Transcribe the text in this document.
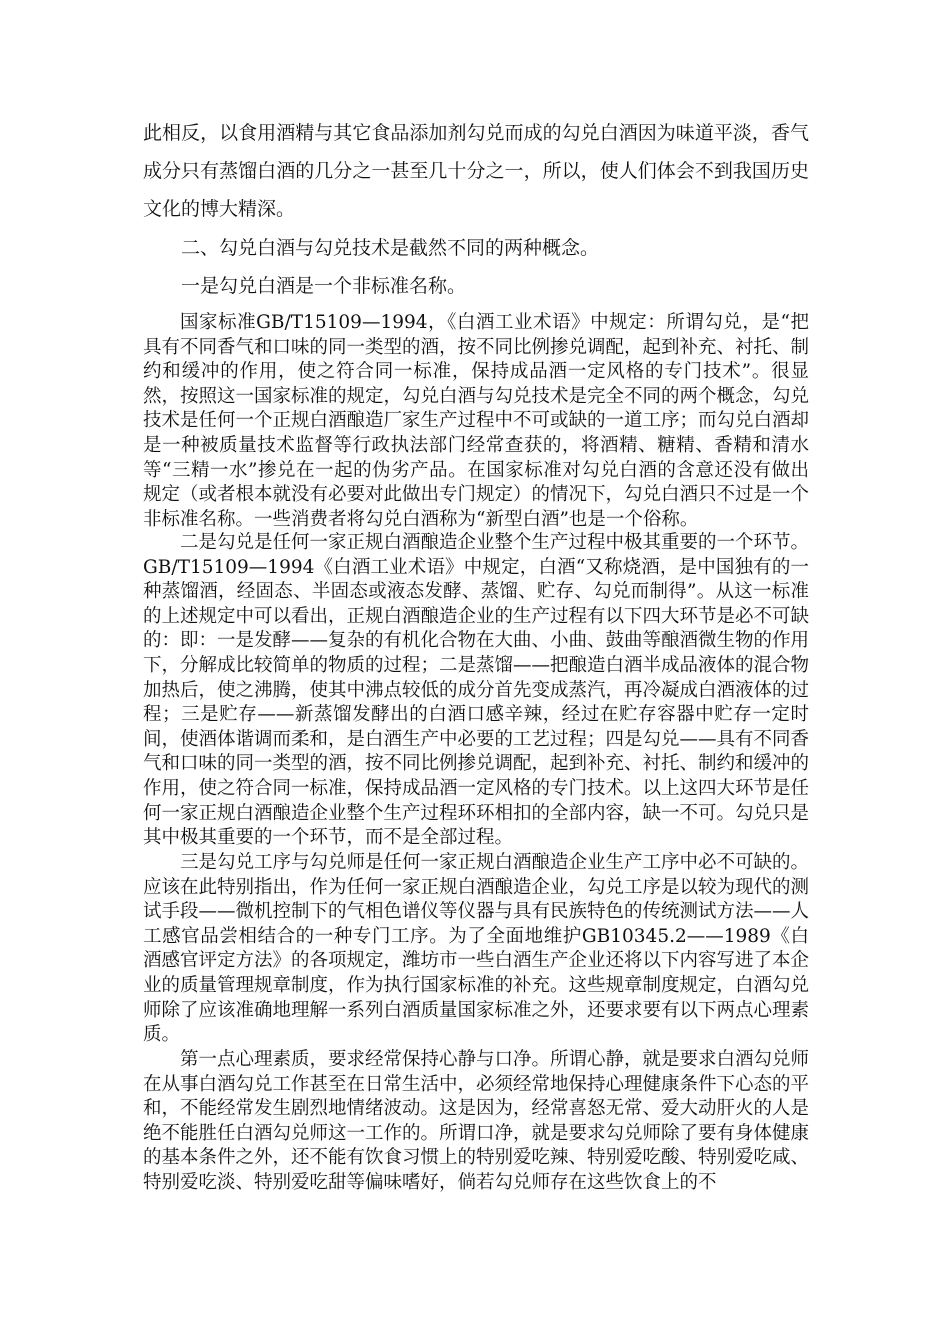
此相反，以食用酒精与其它食品添加剂勾兑而成的勾兑白酒因为味道平淡，香气成分只有蒸馏白酒的几分之一甚至几十分之一，所以，使人们体会不到我国历史文化的博大精深。

二、勾兑白酒与勾兑技术是截然不同的两种概念。

一是勾兑白酒是一个非标准名称。

国家标准GB/T15109—1994，《白酒工业术语》中规定：所谓勾兑，是“把具有不同香气和口味的同一类型的酒，按不同比例掺兑调配，起到补充、衬托、制约和缓冲的作用，使之符合同一标准，保持成品酒一定风格的专门技术”。很显然，按照这一国家标准的规定，勾兑白酒与勾兑技术是完全不同的两个概念，勾兑技术是任何一个正规白酒酿造厂家生产过程中不可或缺的一道工序；而勾兑白酒却是一种被质量技术监督等行政执法部门经常查获的，将酒精、糖精、香精和清水等“三精一水”掺兑在一起的伪劣产品。在国家标准对勾兑白酒的含意还没有做出规定（或者根本就没有必要对此做出专门规定）的情况下，勾兑白酒只不过是一个非标准名称。一些消费者将勾兑白酒称为“新型白酒”也是一个俗称。

二是勾兑是任何一家正规白酒酿造企业整个生产过程中极其重要的一个环节。GB/T15109—1994《白酒工业术语》中规定，白酒“又称烧酒，是中国独有的一种蒸馏酒，经固态、半固态或液态发酵、蒸馏、贮存、勾兑而制得”。从这一标准的上述规定中可以看出，正规白酒酿造企业的生产过程有以下四大环节是必不可缺的：即：一是发酵——复杂的有机化合物在大曲、小曲、鼓曲等酿酒微生物的作用下，分解成比较简单的物质的过程；二是蒸馏——把酿造白酒半成品液体的混合物加热后，使之沸腾，使其中沸点较低的成分首先变成蒸汽，再冷凝成白酒液体的过程；三是贮存——新蒸馏发酵出的白酒口感辛辣，经过在贮存容器中贮存一定时间，使酒体谐调而柔和，是白酒生产中必要的工艺过程；四是勾兑——具有不同香气和口味的同一类型的酒，按不同比例掺兑调配，起到补充、衬托、制约和缓冲的作用，使之符合同一标准，保持成品酒一定风格的专门技术。以上这四大环节是任何一家正规白酒酿造企业整个生产过程环环相扣的全部内容，缺一不可。勾兑只是其中极其重要的一个环节，而不是全部过程。

三是勾兑工序与勾兑师是任何一家正规白酒酿造企业生产工序中必不可缺的。应该在此特别指出，作为任何一家正规白酒酿造企业，勾兑工序是以较为现代的测试手段——微机控制下的气相色谱仪等仪器与具有民族特色的传统测试方法——人工感官品尝相结合的一种专门工序。为了全面地维护GB10345.2——1989《白酒感官评定方法》的各项规定，潍坊市一些白酒生产企业还将以下内容写进了本企业的质量管理规章制度，作为执行国家标准的补充。这些规章制度规定，白酒勾兑师除了应该准确地理解一系列白酒质量国家标准之外，还要求要有以下两点心理素质。

第一点心理素质，要求经常保持心静与口净。所谓心静，就是要求白酒勾兑师在从事白酒勾兑工作甚至在日常生活中，必须经常地保持心理健康条件下心态的平和，不能经常发生剧烈地情绪波动。这是因为，经常喜怒无常、爱大动肝火的人是绝不能胜任白酒勾兑师这一工作的。所谓口净，就是要求勾兑师除了要有身体健康的基本条件之外，还不能有饮食习惯上的特别爱吃辣、特别爱吃酸、特别爱吃咸、特别爱吃淡、特别爱吃甜等偏味嗜好，倘若勾兑师存在这些饮食上的不
